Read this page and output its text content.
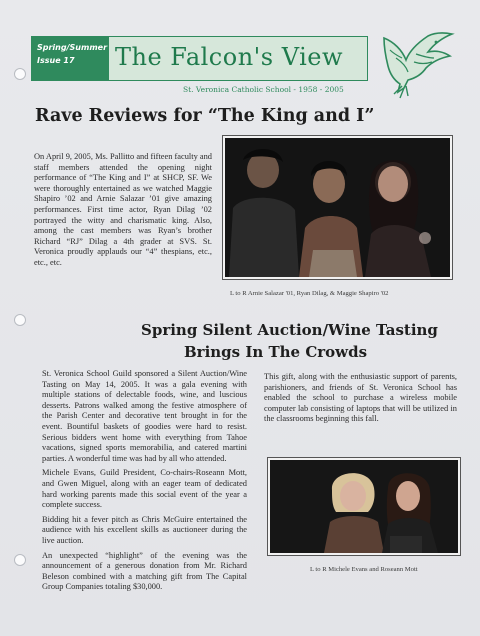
Spring/Summer
Issue 17	The Falcon's View
St. Veronica Catholic School - 1958 - 2005
Rave Reviews for “The King and I”

On April 9, 2005, Ms. Pallitto and fifteen faculty and staff members attended the opening night performance of “The King and I” at SHCP, SF. We were thoroughly entertained as we watched Maggie Shapiro ’02 and Arnie Salazar ’01 give amazing performances. First time actor, Ryan Dilag ’02 portrayed the witty and charismatic king. Also, among the cast members was Ryan’s brother Richard “RJ” Dilag a 4th grader at SVS. St. Veronica proudly applauds our “4” thespians, etc., etc., etc.

L to R Arnie Salazar '01, Ryan Dilag, & Maggie Shapiro '02
Spring Silent Auction/Wine Tasting
Brings In The Crowds

St. Veronica School Guild sponsored a Silent Auction/Wine Tasting on May 14, 2005. It was a gala evening with multiple stations of delectable foods, wine, and luscious desserts. Patrons walked among the festive atmosphere of the Parish Center and decorative tent brought in for the event. Bountiful baskets of goodies were hard to resist. Serious bidders went home with everything from Tahoe vacations, signed sports memorabilia, and catered martini parties. A wonderful time was had by all who attended.

Michele Evans, Guild President, Co-chairs-Roseann Mott, and Gwen Miguel, along with an eager team of dedicated hard working parents made this social event of the year a complete success.

Bidding hit a fever pitch as Chris McGuire entertained the audience with his excellent skills as auctioneer during the live auction.

An unexpected “highlight” of the evening was the announcement of a generous donation from Mr. Richard Beleson combined with a matching gift from The Capital Group Companies totaling $30,000.

This gift, along with the enthusiastic support of parents, parishioners, and friends of St. Veronica School has enabled the school to purchase a wireless mobile computer lab consisting of laptops that will be utilized in the classrooms beginning this fall.

L to R Michele Evans and Roseann Mott
